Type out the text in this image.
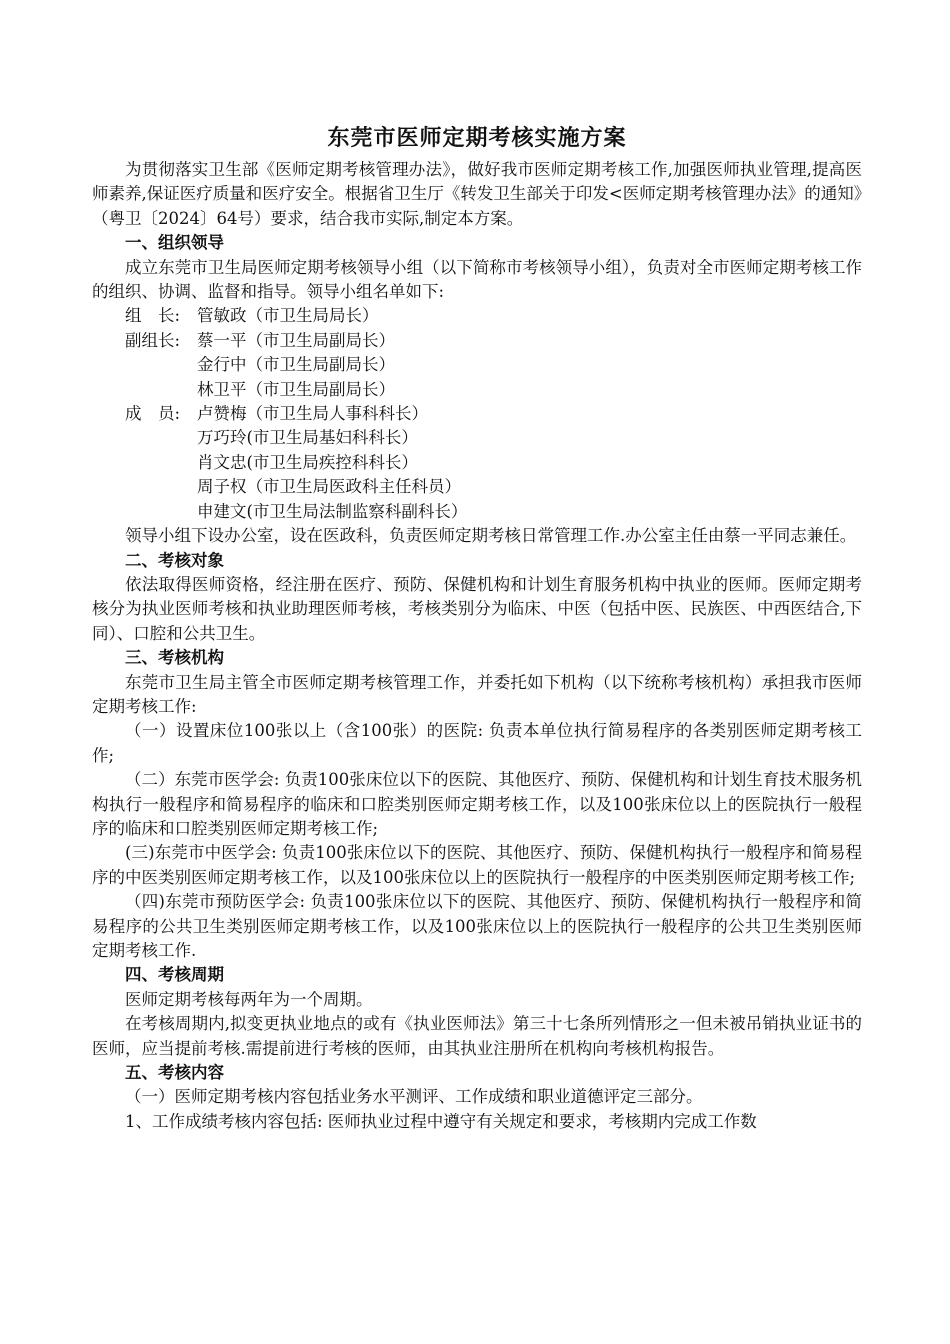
东莞市医师定期考核实施方案

为贯彻落实卫生部《医师定期考核管理办法》，做好我市医师定期考核工作,加强医师执业管理,提高医师素养,保证医疗质量和医疗安全。根据省卫生厅《转发卫生部关于印发<医师定期考核管理办法》的通知》（粤卫〔2024〕64号）要求，结合我市实际,制定本方案。

一、组织领导

成立东莞市卫生局医师定期考核领导小组（以下简称市考核领导小组），负责对全市医师定期考核工作的组织、协调、监督和指导。领导小组名单如下:

组　长: 管敏政（市卫生局局长）
副组长: 蔡一平（市卫生局副局长）
金行中（市卫生局副局长）
林卫平（市卫生局副局长）
成　员: 卢赞梅（市卫生局人事科科长）
万巧玲(市卫生局基妇科科长）
肖文忠(市卫生局疾控科科长）
周子权（市卫生局医政科主任科员）
申建文(市卫生局法制监察科副科长）

领导小组下设办公室，设在医政科，负责医师定期考核日常管理工作.办公室主任由蔡一平同志兼任。

二、考核对象

依法取得医师资格，经注册在医疗、预防、保健机构和计划生育服务机构中执业的医师。医师定期考核分为执业医师考核和执业助理医师考核，考核类别分为临床、中医（包括中医、民族医、中西医结合,下同）、口腔和公共卫生。

三、考核机构

东莞市卫生局主管全市医师定期考核管理工作，并委托如下机构（以下统称考核机构）承担我市医师定期考核工作:

（一）设置床位100张以上（含100张）的医院: 负责本单位执行简易程序的各类别医师定期考核工作;

（二）东莞市医学会: 负责100张床位以下的医院、其他医疗、预防、保健机构和计划生育技术服务机构执行一般程序和简易程序的临床和口腔类别医师定期考核工作，以及100张床位以上的医院执行一般程序的临床和口腔类别医师定期考核工作;

(三)东莞市中医学会: 负责100张床位以下的医院、其他医疗、预防、保健机构执行一般程序和简易程序的中医类别医师定期考核工作，以及100张床位以上的医院执行一般程序的中医类别医师定期考核工作;

（四)东莞市预防医学会: 负责100张床位以下的医院、其他医疗、预防、保健机构执行一般程序和简易程序的公共卫生类别医师定期考核工作，以及100张床位以上的医院执行一般程序的公共卫生类别医师定期考核工作.

四、考核周期

医师定期考核每两年为一个周期。

在考核周期内,拟变更执业地点的或有《执业医师法》第三十七条所列情形之一但未被吊销执业证书的医师，应当提前考核.需提前进行考核的医师，由其执业注册所在机构向考核机构报告。

五、考核内容

（一）医师定期考核内容包括业务水平测评、工作成绩和职业道德评定三部分。

1、工作成绩考核内容包括: 医师执业过程中遵守有关规定和要求，考核期内完成工作数
